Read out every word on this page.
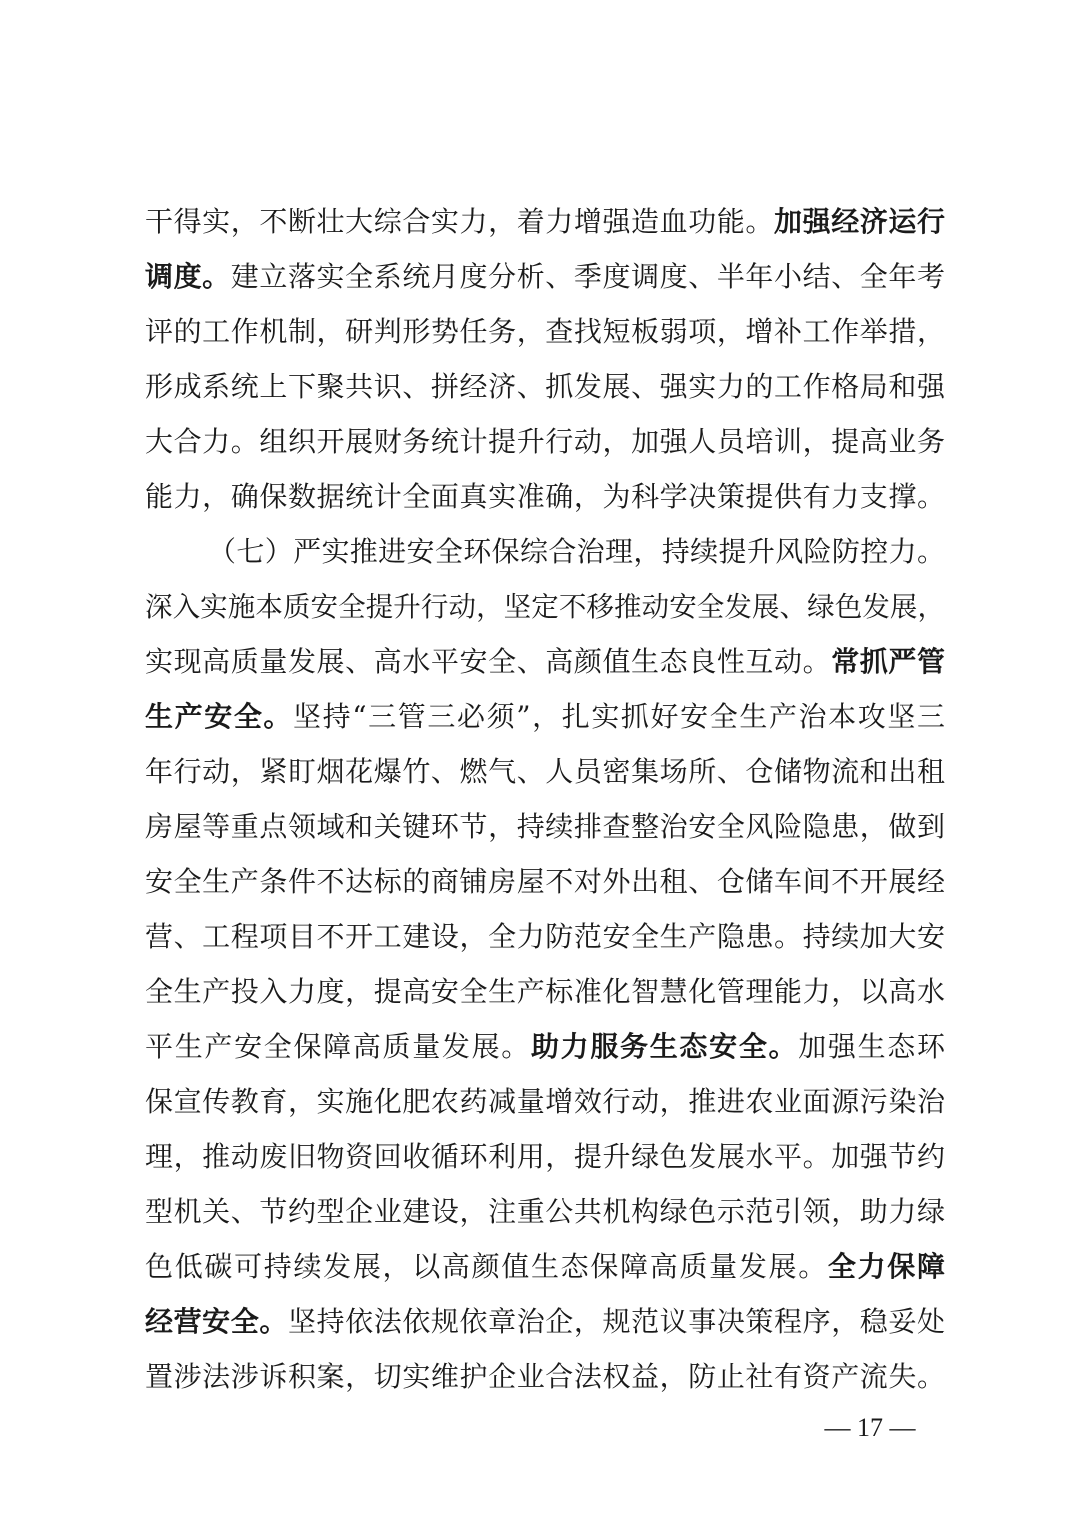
干得实，不断壮大综合实力，着力增强造血功能。加强经济运行
调度。建立落实全系统月度分析、季度调度、半年小结、全年考
评的工作机制，研判形势任务，查找短板弱项，增补工作举措，
形成系统上下聚共识、拼经济、抓发展、强实力的工作格局和强
大合力。组织开展财务统计提升行动，加强人员培训，提高业务
能力，确保数据统计全面真实准确，为科学决策提供有力支撑。
（七）严实推进安全环保综合治理，持续提升风险防控力。
深入实施本质安全提升行动，坚定不移推动安全发展、绿色发展，
实现高质量发展、高水平安全、高颜值生态良性互动。常抓严管
生产安全。坚持“三管三必须”，扎实抓好安全生产治本攻坚三
年行动，紧盯烟花爆竹、燃气、人员密集场所、仓储物流和出租
房屋等重点领域和关键环节，持续排查整治安全风险隐患，做到
安全生产条件不达标的商铺房屋不对外出租、仓储车间不开展经
营、工程项目不开工建设，全力防范安全生产隐患。持续加大安
全生产投入力度，提高安全生产标准化智慧化管理能力，以高水
平生产安全保障高质量发展。助力服务生态安全。加强生态环
保宣传教育，实施化肥农药减量增效行动，推进农业面源污染治
理，推动废旧物资回收循环利用，提升绿色发展水平。加强节约
型机关、节约型企业建设，注重公共机构绿色示范引领，助力绿
色低碳可持续发展，以高颜值生态保障高质量发展。全力保障
经营安全。坚持依法依规依章治企，规范议事决策程序，稳妥处
置涉法涉诉积案，切实维护企业合法权益，防止社有资产流失。
— 17 —
